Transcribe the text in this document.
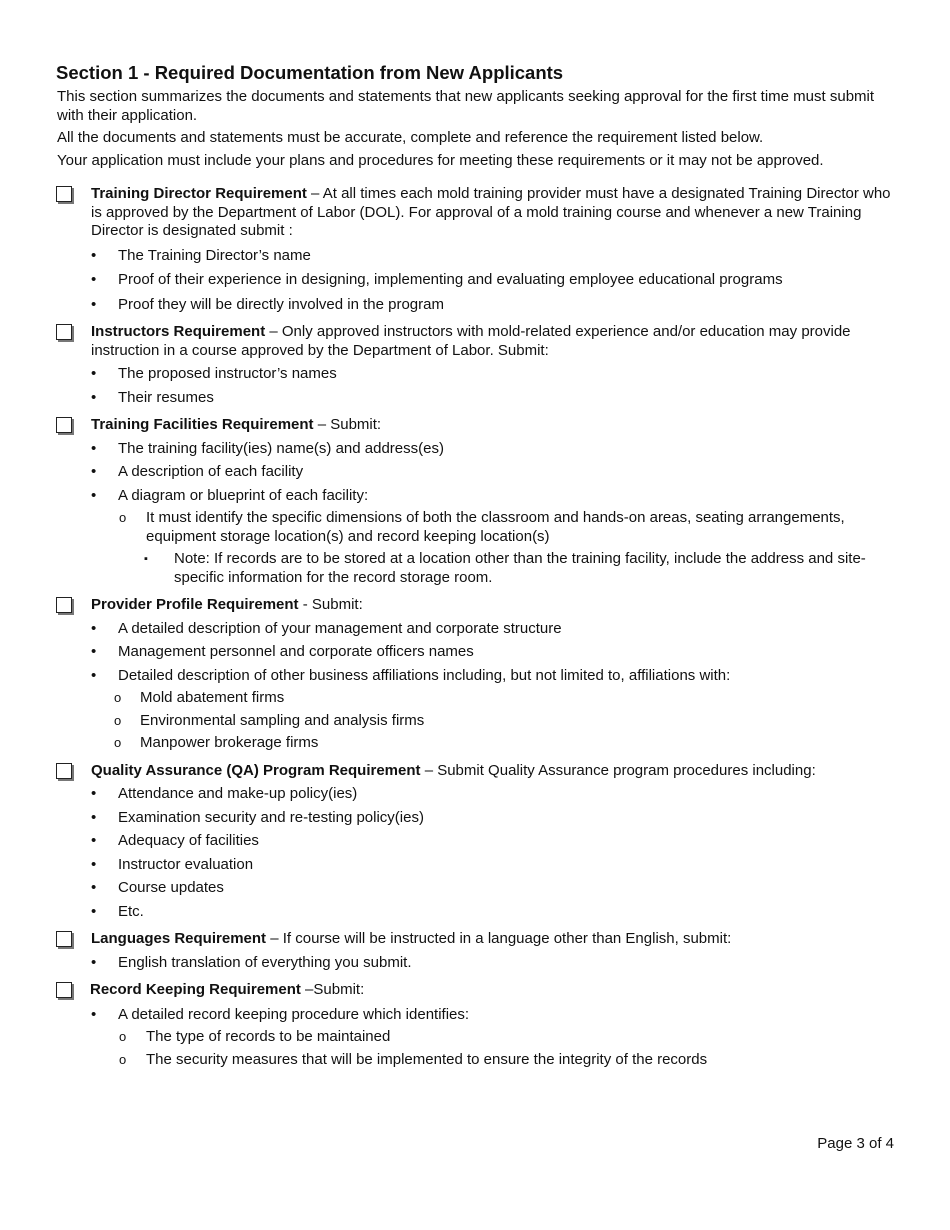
Section 1 - Required Documentation from New Applicants

This section summarizes the documents and statements that new applicants seeking approval for the first time must submit with their application.

All the documents and statements must be accurate, complete and reference the requirement listed below.

Your application must include your plans and procedures for meeting these requirements or it may not be approved.

Training Director Requirement – At all times each mold training provider must have a designated Training Director who is approved by the Department of Labor (DOL). For approval of a mold training course and whenever a new Training Director is designated submit :

• The Training Director’s name
• Proof of their experience in designing, implementing and evaluating employee educational programs
• Proof they will be directly involved in the program

Instructors Requirement – Only approved instructors with mold-related experience and/or education may provide instruction in a course approved by the Department of Labor. Submit:

• The proposed instructor’s names
• Their resumes

Training Facilities Requirement – Submit:

• The training facility(ies) name(s) and address(es)
• A description of each facility
• A diagram or blueprint of each facility:
o It must identify the specific dimensions of both the classroom and hands-on areas, seating arrangements, equipment storage location(s) and record keeping location(s)
▪ Note: If records are to be stored at a location other than the training facility, include the address and site-specific information for the record storage room.

Provider Profile Requirement - Submit:

• A detailed description of your management and corporate structure
• Management personnel and corporate officers names
• Detailed description of other business affiliations including, but not limited to, affiliations with:
o Mold abatement firms
o Environmental sampling and analysis firms
o Manpower brokerage firms

Quality Assurance (QA) Program Requirement – Submit Quality Assurance program procedures including:

• Attendance and make-up policy(ies)
• Examination security and re-testing policy(ies)
• Adequacy of facilities
• Instructor evaluation
• Course updates
• Etc.

Languages Requirement – If course will be instructed in a language other than English, submit:

• English translation of everything you submit.

Record Keeping Requirement –Submit:

• A detailed record keeping procedure which identifies:
o The type of records to be maintained
o The security measures that will be implemented to ensure the integrity of the records
Page 3 of 4
